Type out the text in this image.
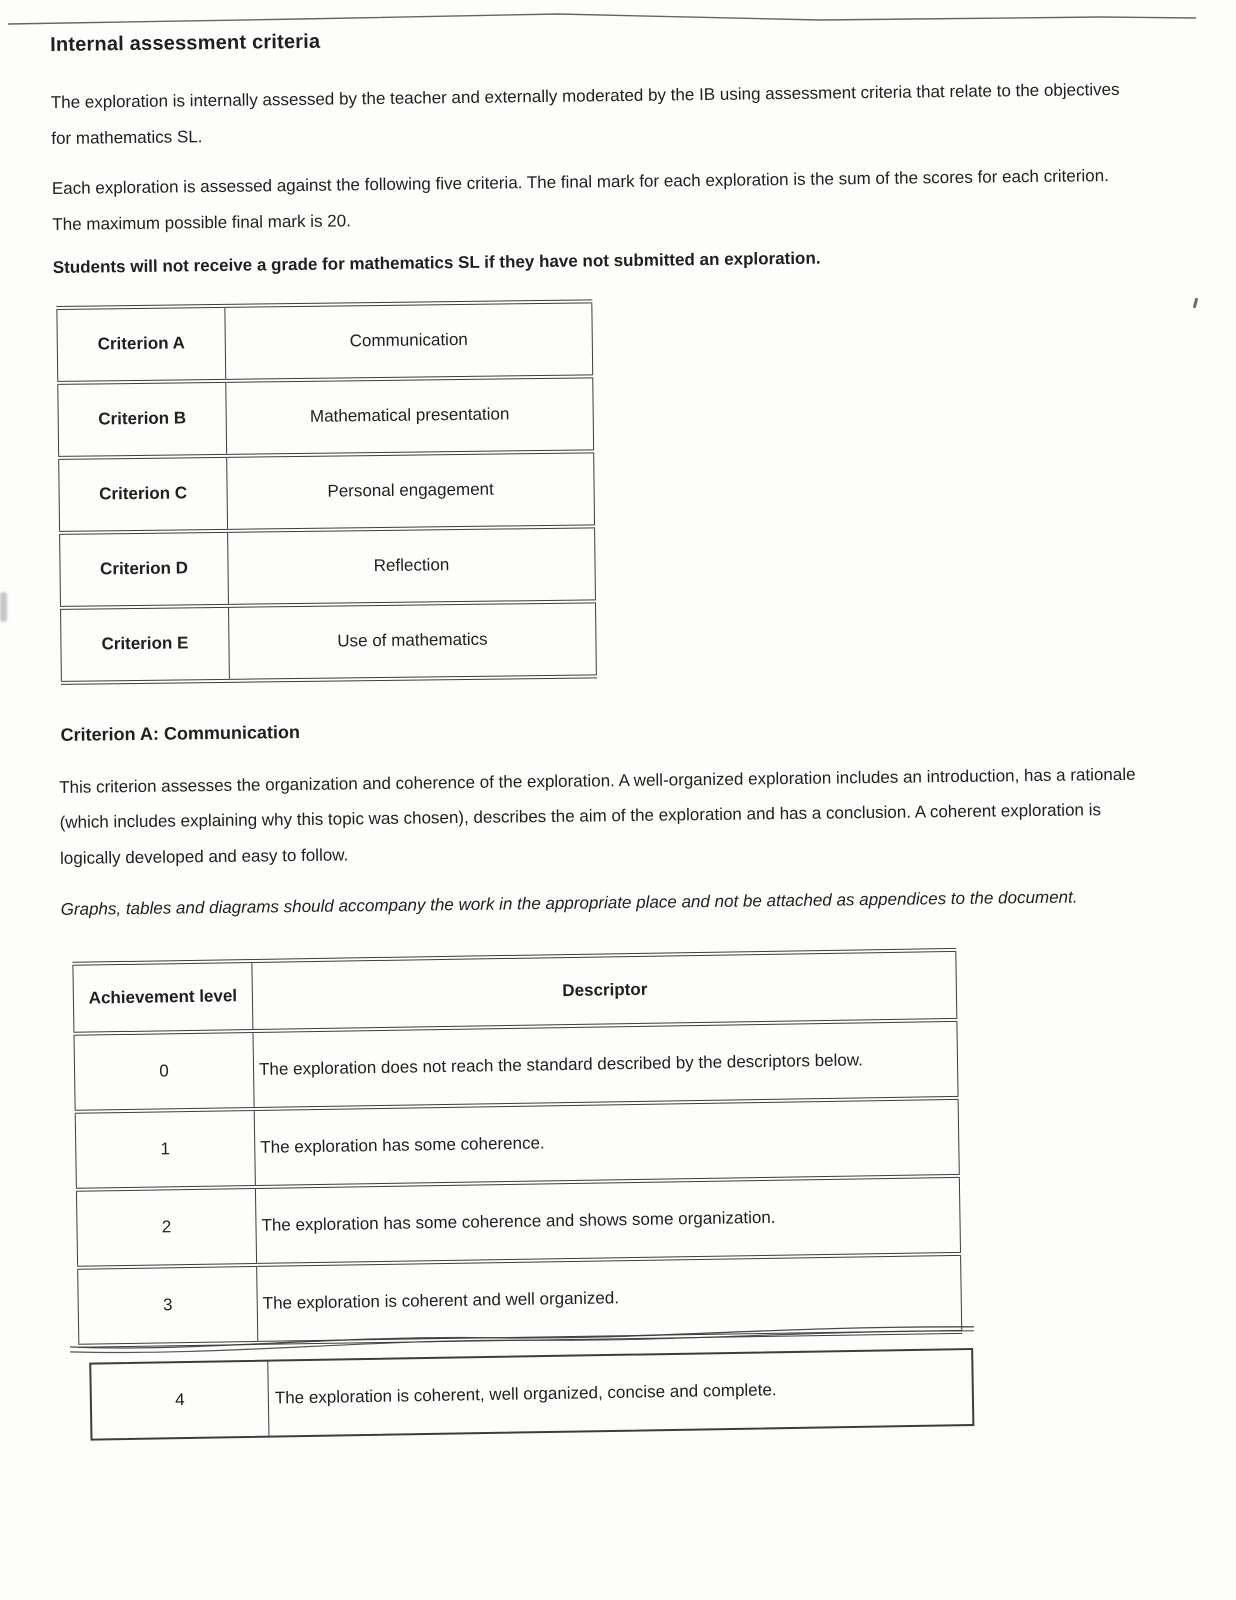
Internal assessment criteria

The exploration is internally assessed by the teacher and externally moderated by the IB using assessment criteria that relate to the objectives for mathematics SL.

Each exploration is assessed against the following five criteria. The final mark for each exploration is the sum of the scores for each criterion. The maximum possible final mark is 20.

Students will not receive a grade for mathematics SL if they have not submitted an exploration.

Criterion A	Communication
Criterion B	Mathematical presentation
Criterion C	Personal engagement
Criterion D	Reflection
Criterion E	Use of mathematics
Criterion A: Communication

This criterion assesses the organization and coherence of the exploration. A well-organized exploration includes an introduction, has a rationale (which includes explaining why this topic was chosen), describes the aim of the exploration and has a conclusion. A coherent exploration is logically developed and easy to follow.

Graphs, tables and diagrams should accompany the work in the appropriate place and not be attached as appendices to the document.

Achievement level	Descriptor
0	The exploration does not reach the standard described by the descriptors below.
1	The exploration has some coherence.
2	The exploration has some coherence and shows some organization.
3	The exploration is coherent and well organized.
4	The exploration is coherent, well organized, concise and complete.
